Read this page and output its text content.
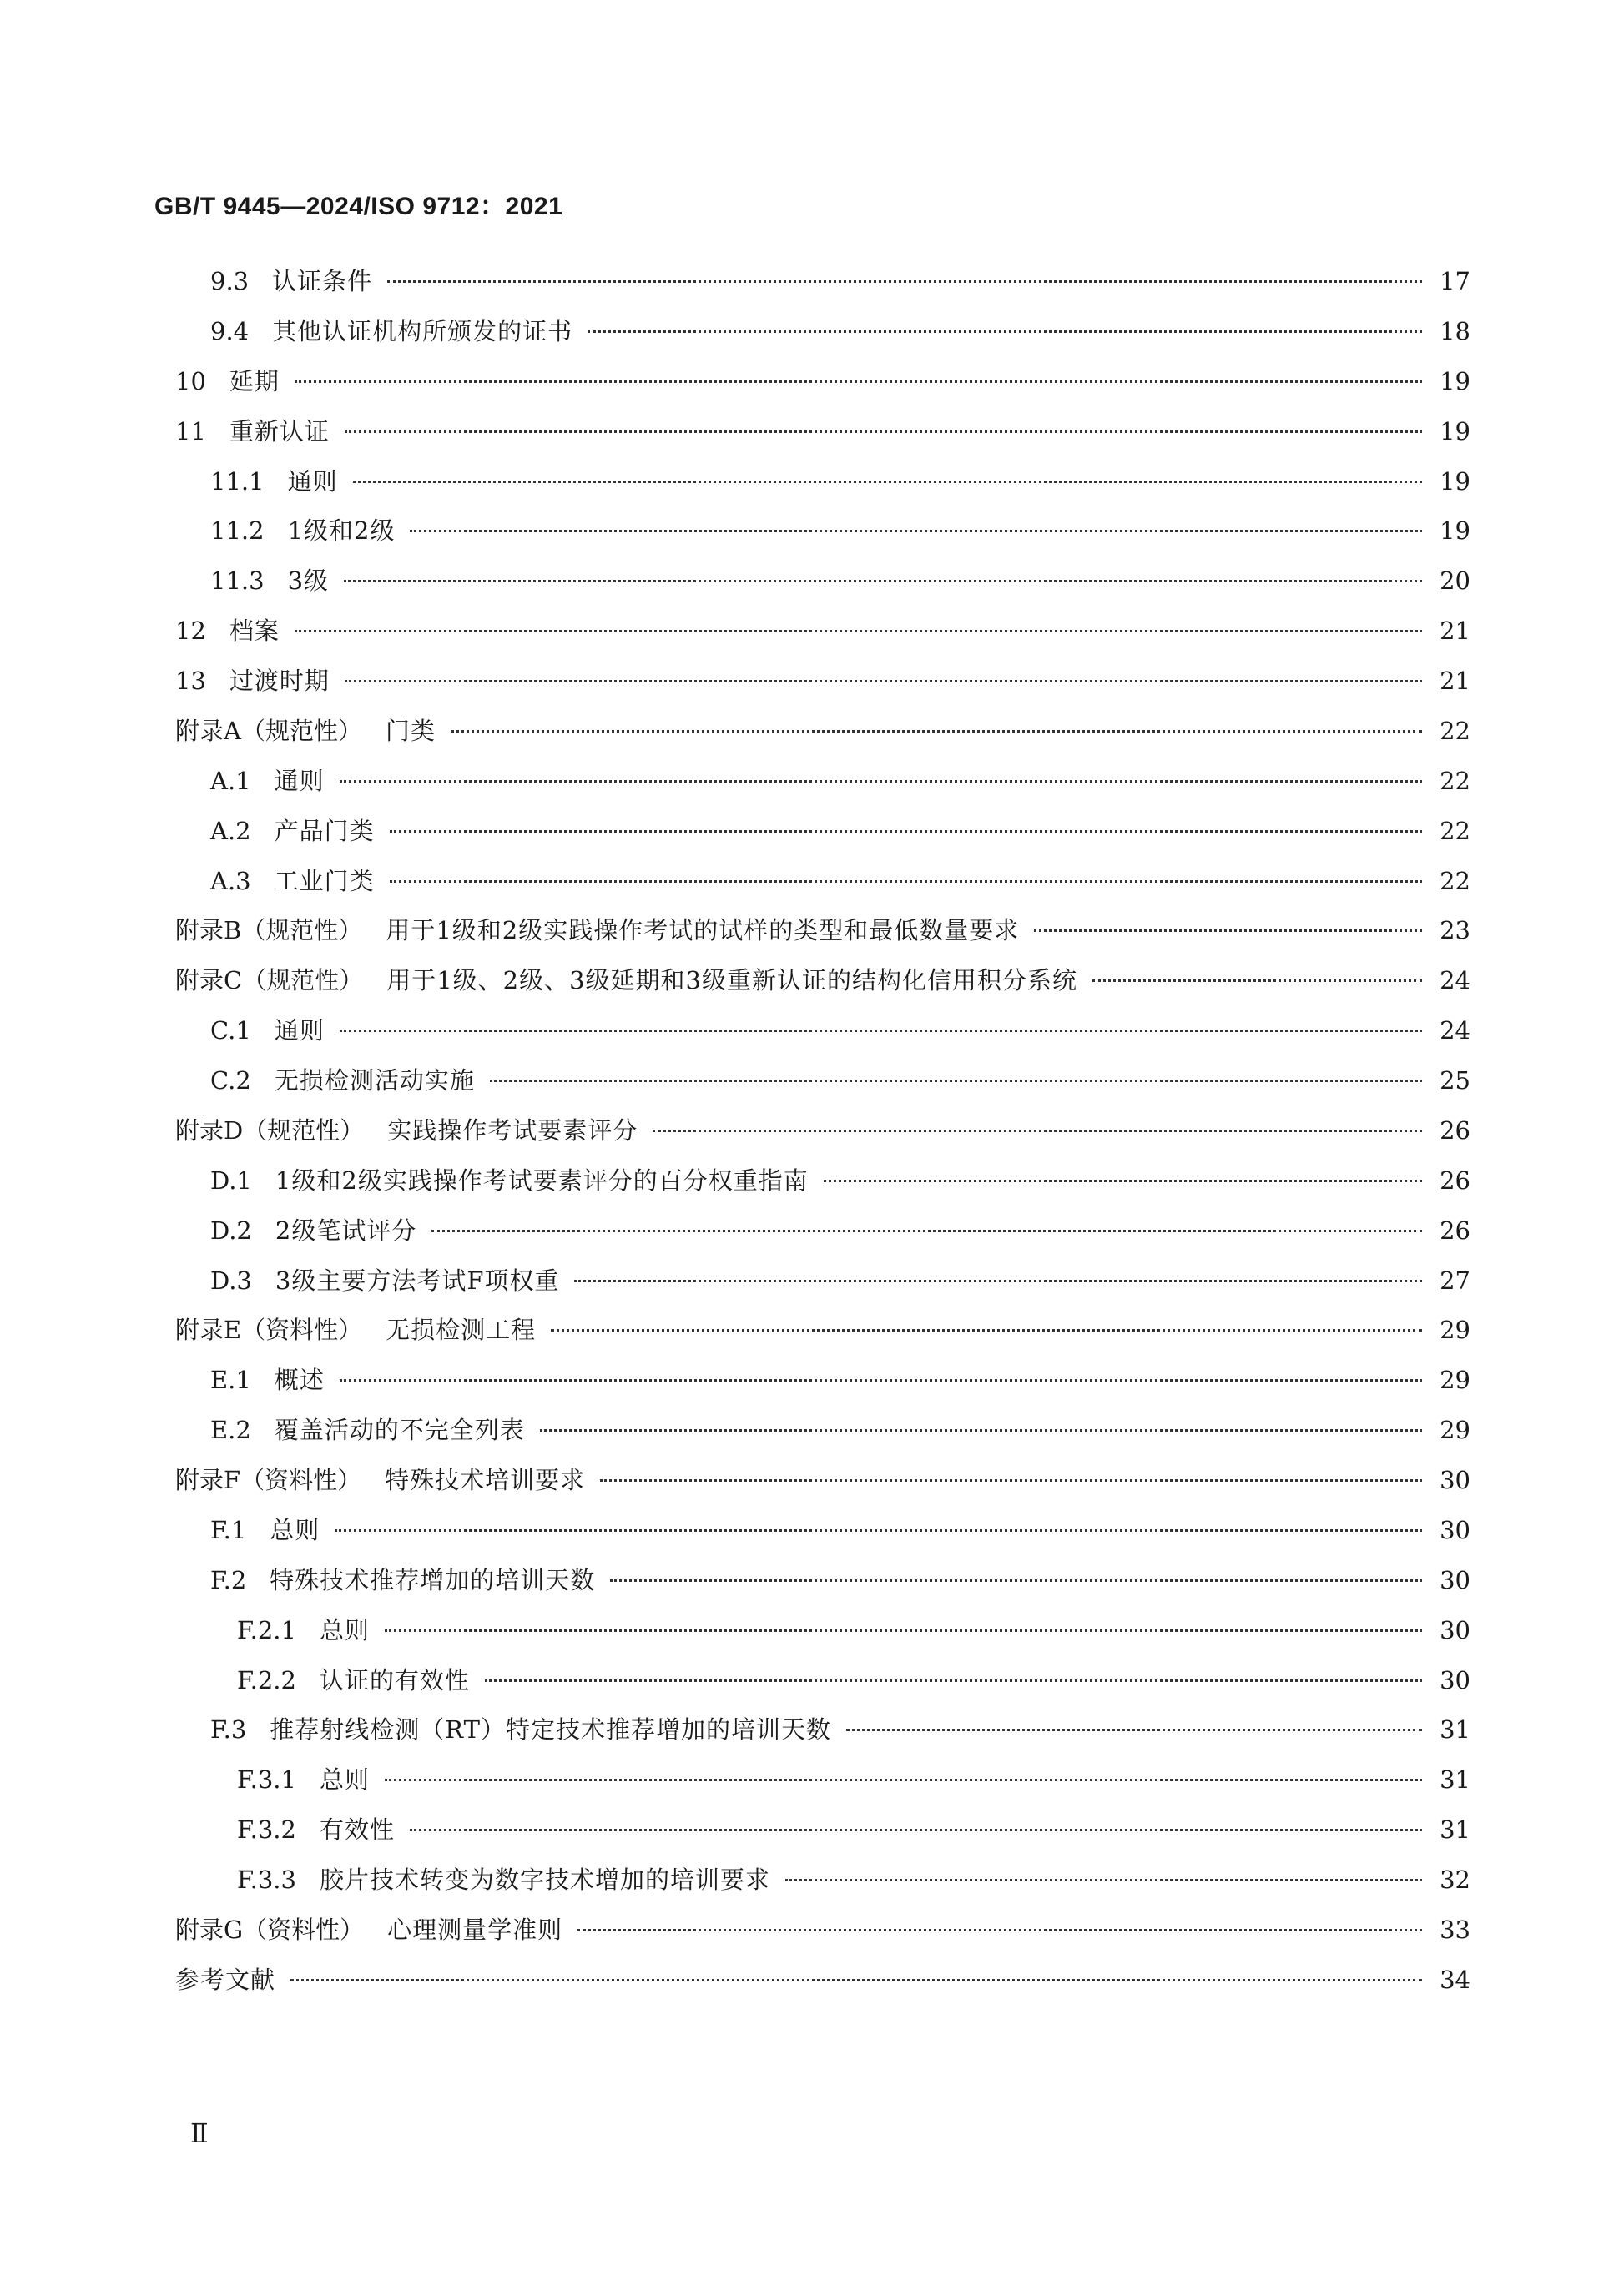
GB/T 9445—2024/ISO 9712：2021
9.3 认证条件	17
9.4 其他认证机构所颁发的证书	18
10 延期	19
11 重新认证	19
11.1 通则	19
11.2 1级和2级	19
11.3 3级	20
12 档案	21
13 过渡时期	21
附录A（规范性） 门类	22
A.1 通则	22
A.2 产品门类	22
A.3 工业门类	22
附录B（规范性） 用于1级和2级实践操作考试的试样的类型和最低数量要求	23
附录C（规范性） 用于1级、2级、3级延期和3级重新认证的结构化信用积分系统	24
C.1 通则	24
C.2 无损检测活动实施	25
附录D（规范性） 实践操作考试要素评分	26
D.1 1级和2级实践操作考试要素评分的百分权重指南	26
D.2 2级笔试评分	26
D.3 3级主要方法考试F项权重	27
附录E（资料性） 无损检测工程	29
E.1 概述	29
E.2 覆盖活动的不完全列表	29
附录F（资料性） 特殊技术培训要求	30
F.1 总则	30
F.2 特殊技术推荐增加的培训天数	30
F.2.1 总则	30
F.2.2 认证的有效性	30
F.3 推荐射线检测（RT）特定技术推荐增加的培训天数	31
F.3.1 总则	31
F.3.2 有效性	31
F.3.3 胶片技术转变为数字技术增加的培训要求	32
附录G（资料性） 心理测量学准则	33
参考文献	34
Ⅱ
